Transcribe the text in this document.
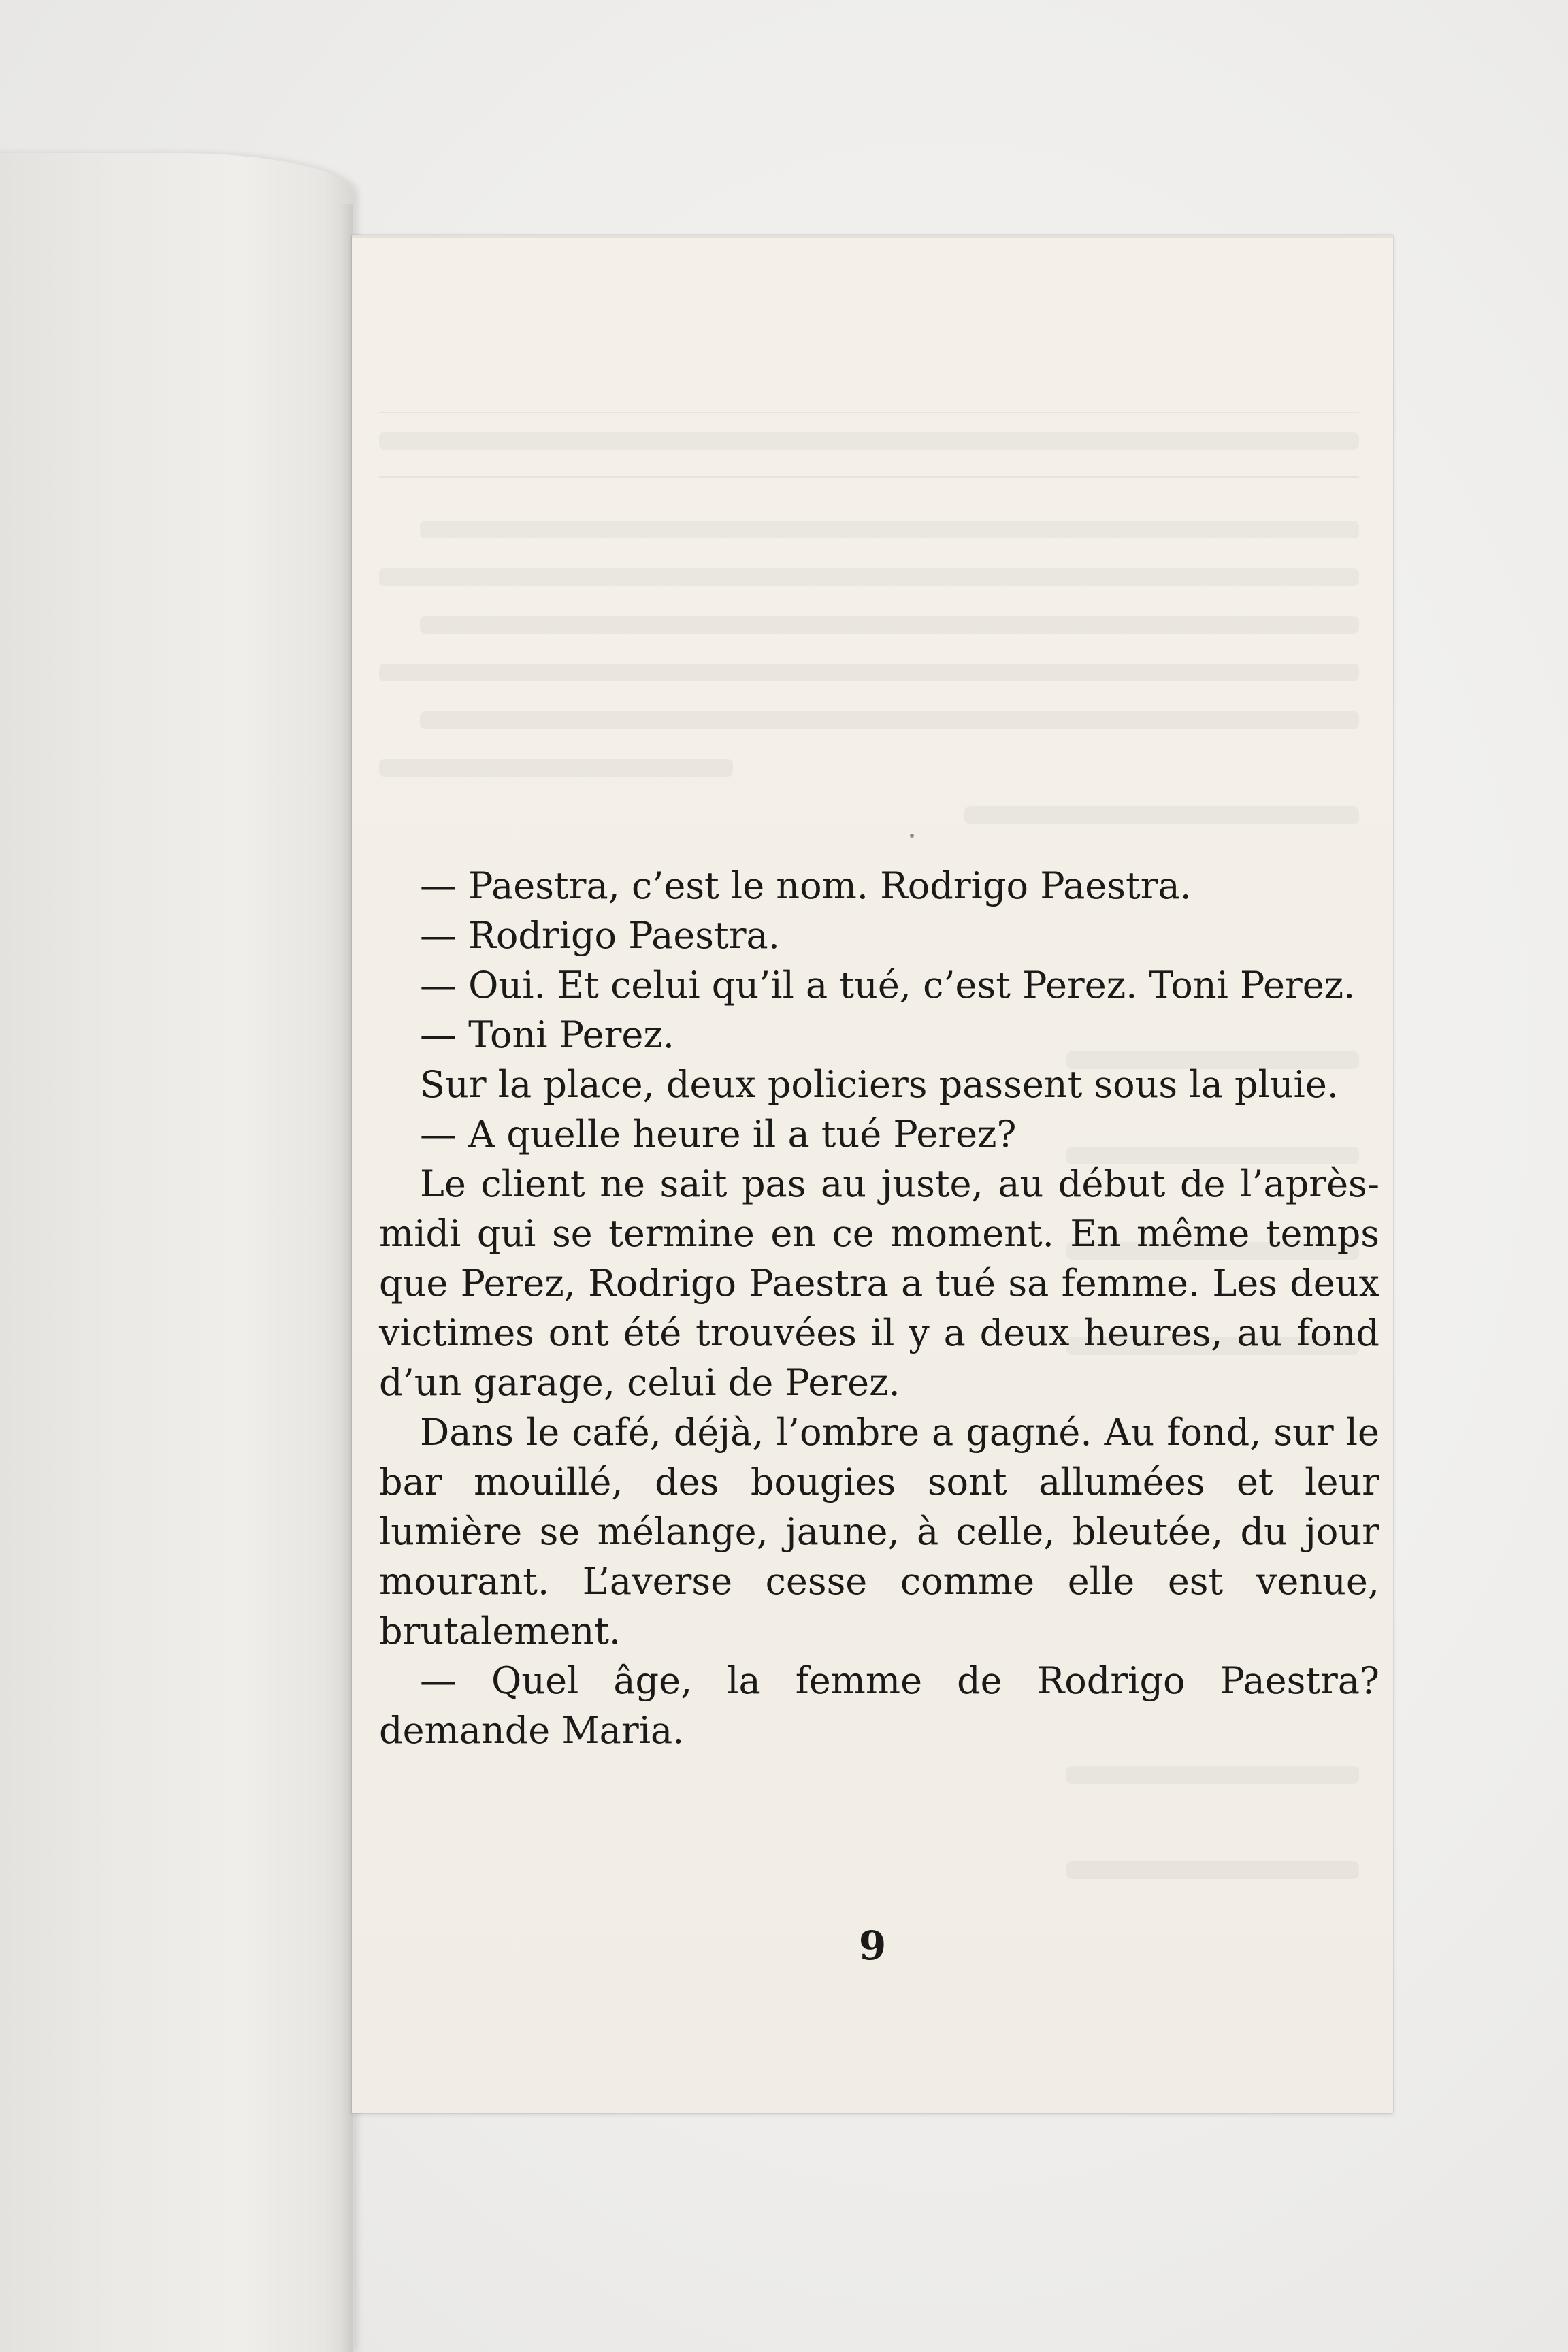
— Paestra, c’est le nom. Rodrigo Paestra.

— Rodrigo Paestra.

— Oui. Et celui qu’il a tué, c’est Perez. Toni Perez.

— Toni Perez.

Sur la place, deux policiers passent sous la pluie.

— A quelle heure il a tué Perez?

Le client ne sait pas au juste, au début de l’après-midi qui se termine en ce moment. En même temps que Perez, Rodrigo Paestra a tué sa femme. Les deux victimes ont été trouvées il y a deux heures, au fond d’un garage, celui de Perez.

Dans le café, déjà, l’ombre a gagné. Au fond, sur le bar mouillé, des bougies sont allumées et leur lumière se mélange, jaune, à celle, bleutée, du jour mourant. L’averse cesse comme elle est venue, brutalement.

— Quel âge, la femme de Rodrigo Paestra? demande Maria.

9
